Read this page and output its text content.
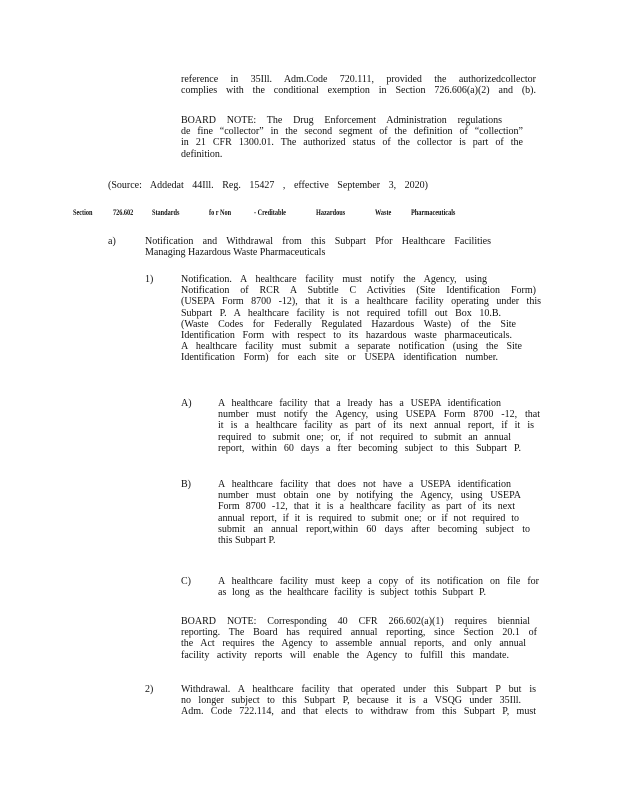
reference in 35Ill. Adm.Code 720.111, provided the authorizedcollector
complies with the conditional exemption in Section 726.606(a)(2) and (b).
BOARD NOTE: The Drug Enforcement Administration regulations
de fine “collector” in the second segment of the definition of “collection”
in 21 CFR 1300.01. The authorized status of the collector is part of the
definition.
(Source: Addedat 44Ill. Reg. 15427 , effective September 3, 2020)
Section	726.602 Standards	fo r Non	- Creditable	Hazardous	Waste Pharmaceuticals
a)	Notification and Withdrawal from this Subpart Pfor Healthcare Facilities
Managing Hazardous Waste Pharmaceuticals
1)	Notification. A healthcare facility must notify the Agency, using
Notification of RCR A Subtitle C Activities (Site Identification Form)
(USEPA Form 8700 -12), that it is a healthcare facility operating under this
Subpart P. A healthcare facility is not required tofill out Box 10.B.
(Waste Codes for Federally Regulated Hazardous Waste) of the Site
Identification Form with respect to its hazardous waste pharmaceuticals.
A healthcare facility must submit a separate notification (using the Site
Identification Form) for each site or USEPA identification number.
A)	A healthcare facility that a lready has a USEPA identification
number must notify the Agency, using USEPA Form 8700 -12, that
it is a healthcare facility as part of its next annual report, if it is
required to submit one; or, if not required to submit an annual
report, within 60 days a fter becoming subject to this Subpart P.
B)	A healthcare facility that does not have a USEPA identification
number must obtain one by notifying the Agency, using USEPA
Form 8700 -12, that it is a healthcare facility as part of its next
annual report, if it is required to submit one; or if not required to
submit an annual report,within 60 days after becoming subject to
this Subpart P.
C)	A healthcare facility must keep a copy of its notification on file for
as long as the healthcare facility is subject tothis Subpart P.
BOARD NOTE: Corresponding 40 CFR 266.602(a)(1) requires biennial
reporting. The Board has required annual reporting, since Section 20.1 of
the Act requires the Agency to assemble annual reports, and only annual
facility activity reports will enable the Agency to fulfill this mandate.
2)	Withdrawal. A healthcare facility that operated under this Subpart P but is
no longer subject to this Subpart P, because it is a VSQG under 35Ill.
Adm. Code 722.114, and that elects to withdraw from this Subpart P, must
